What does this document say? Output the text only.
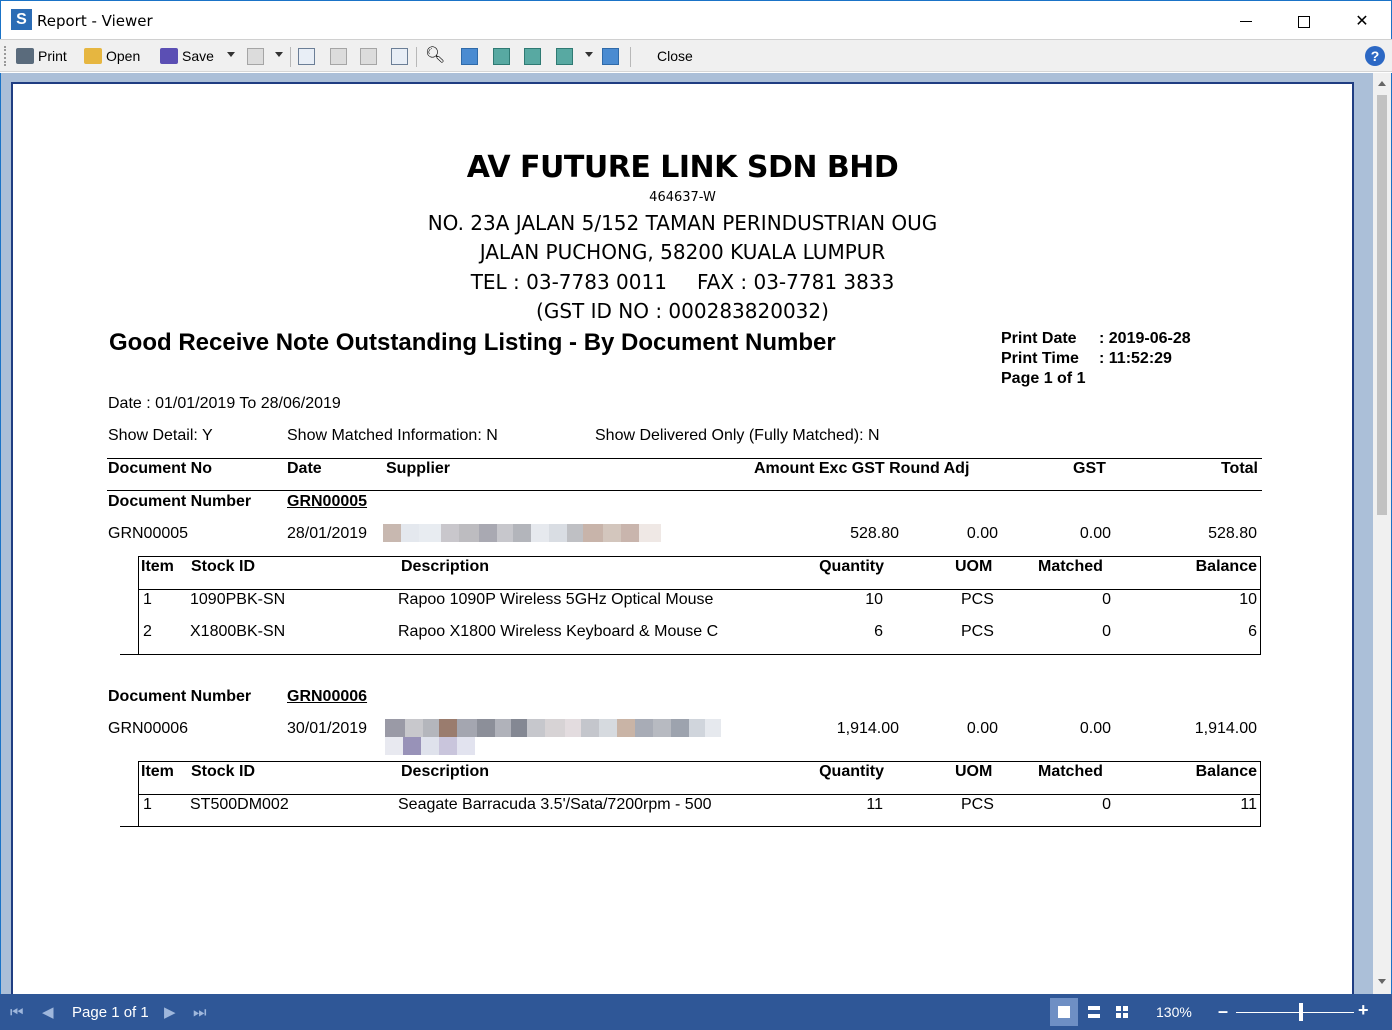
S Report - Viewer	✕
Print	Open	Save	🔍︎	Close	?
AV FUTURE LINK SDN BHD
464637-W
NO. 23A JALAN 5/152 TAMAN PERINDUSTRIAN OUG
JALAN PUCHONG, 58200 KUALA LUMPUR
TEL : 03-7783 0011 FAX : 03-7781 3833
(GST ID NO : 000283820032)
Good Receive Note Outstanding Listing - By Document Number	Print Date : 2019-06-28
Print Time : 11:52:29
Page 1 of 1
Date : 01/01/2019 To 28/06/2019
Show Detail: Y	Show Matched Information: N	Show Delivered Only (Fully Matched): N
Document No	Date	Supplier	Amount Exc GST Round Adj	GST	Total
Document Number GRN00005
GRN00005	28/01/2019	528.80	0.00	0.00	528.80
Item Stock ID	Description	Quantity	UOM	Matched	Balance
1 1090PBK-SN	Rapoo 1090P Wireless 5GHz Optical Mouse	10	PCS	0	10
2 X1800BK-SN	Rapoo X1800 Wireless Keyboard & Mouse C	6	PCS	0	6
Document Number GRN00006
GRN00006	30/01/2019	1,914.00	0.00	0.00	1,914.00
Item Stock ID	Description	Quantity	UOM	Matched	Balance
1 ST500DM002	Seagate Barracuda 3.5'/Sata/7200rpm - 500	11	PCS	0	11
⏮ ◀ Page 1 of 1 ▶ ⏭	130% –	+
